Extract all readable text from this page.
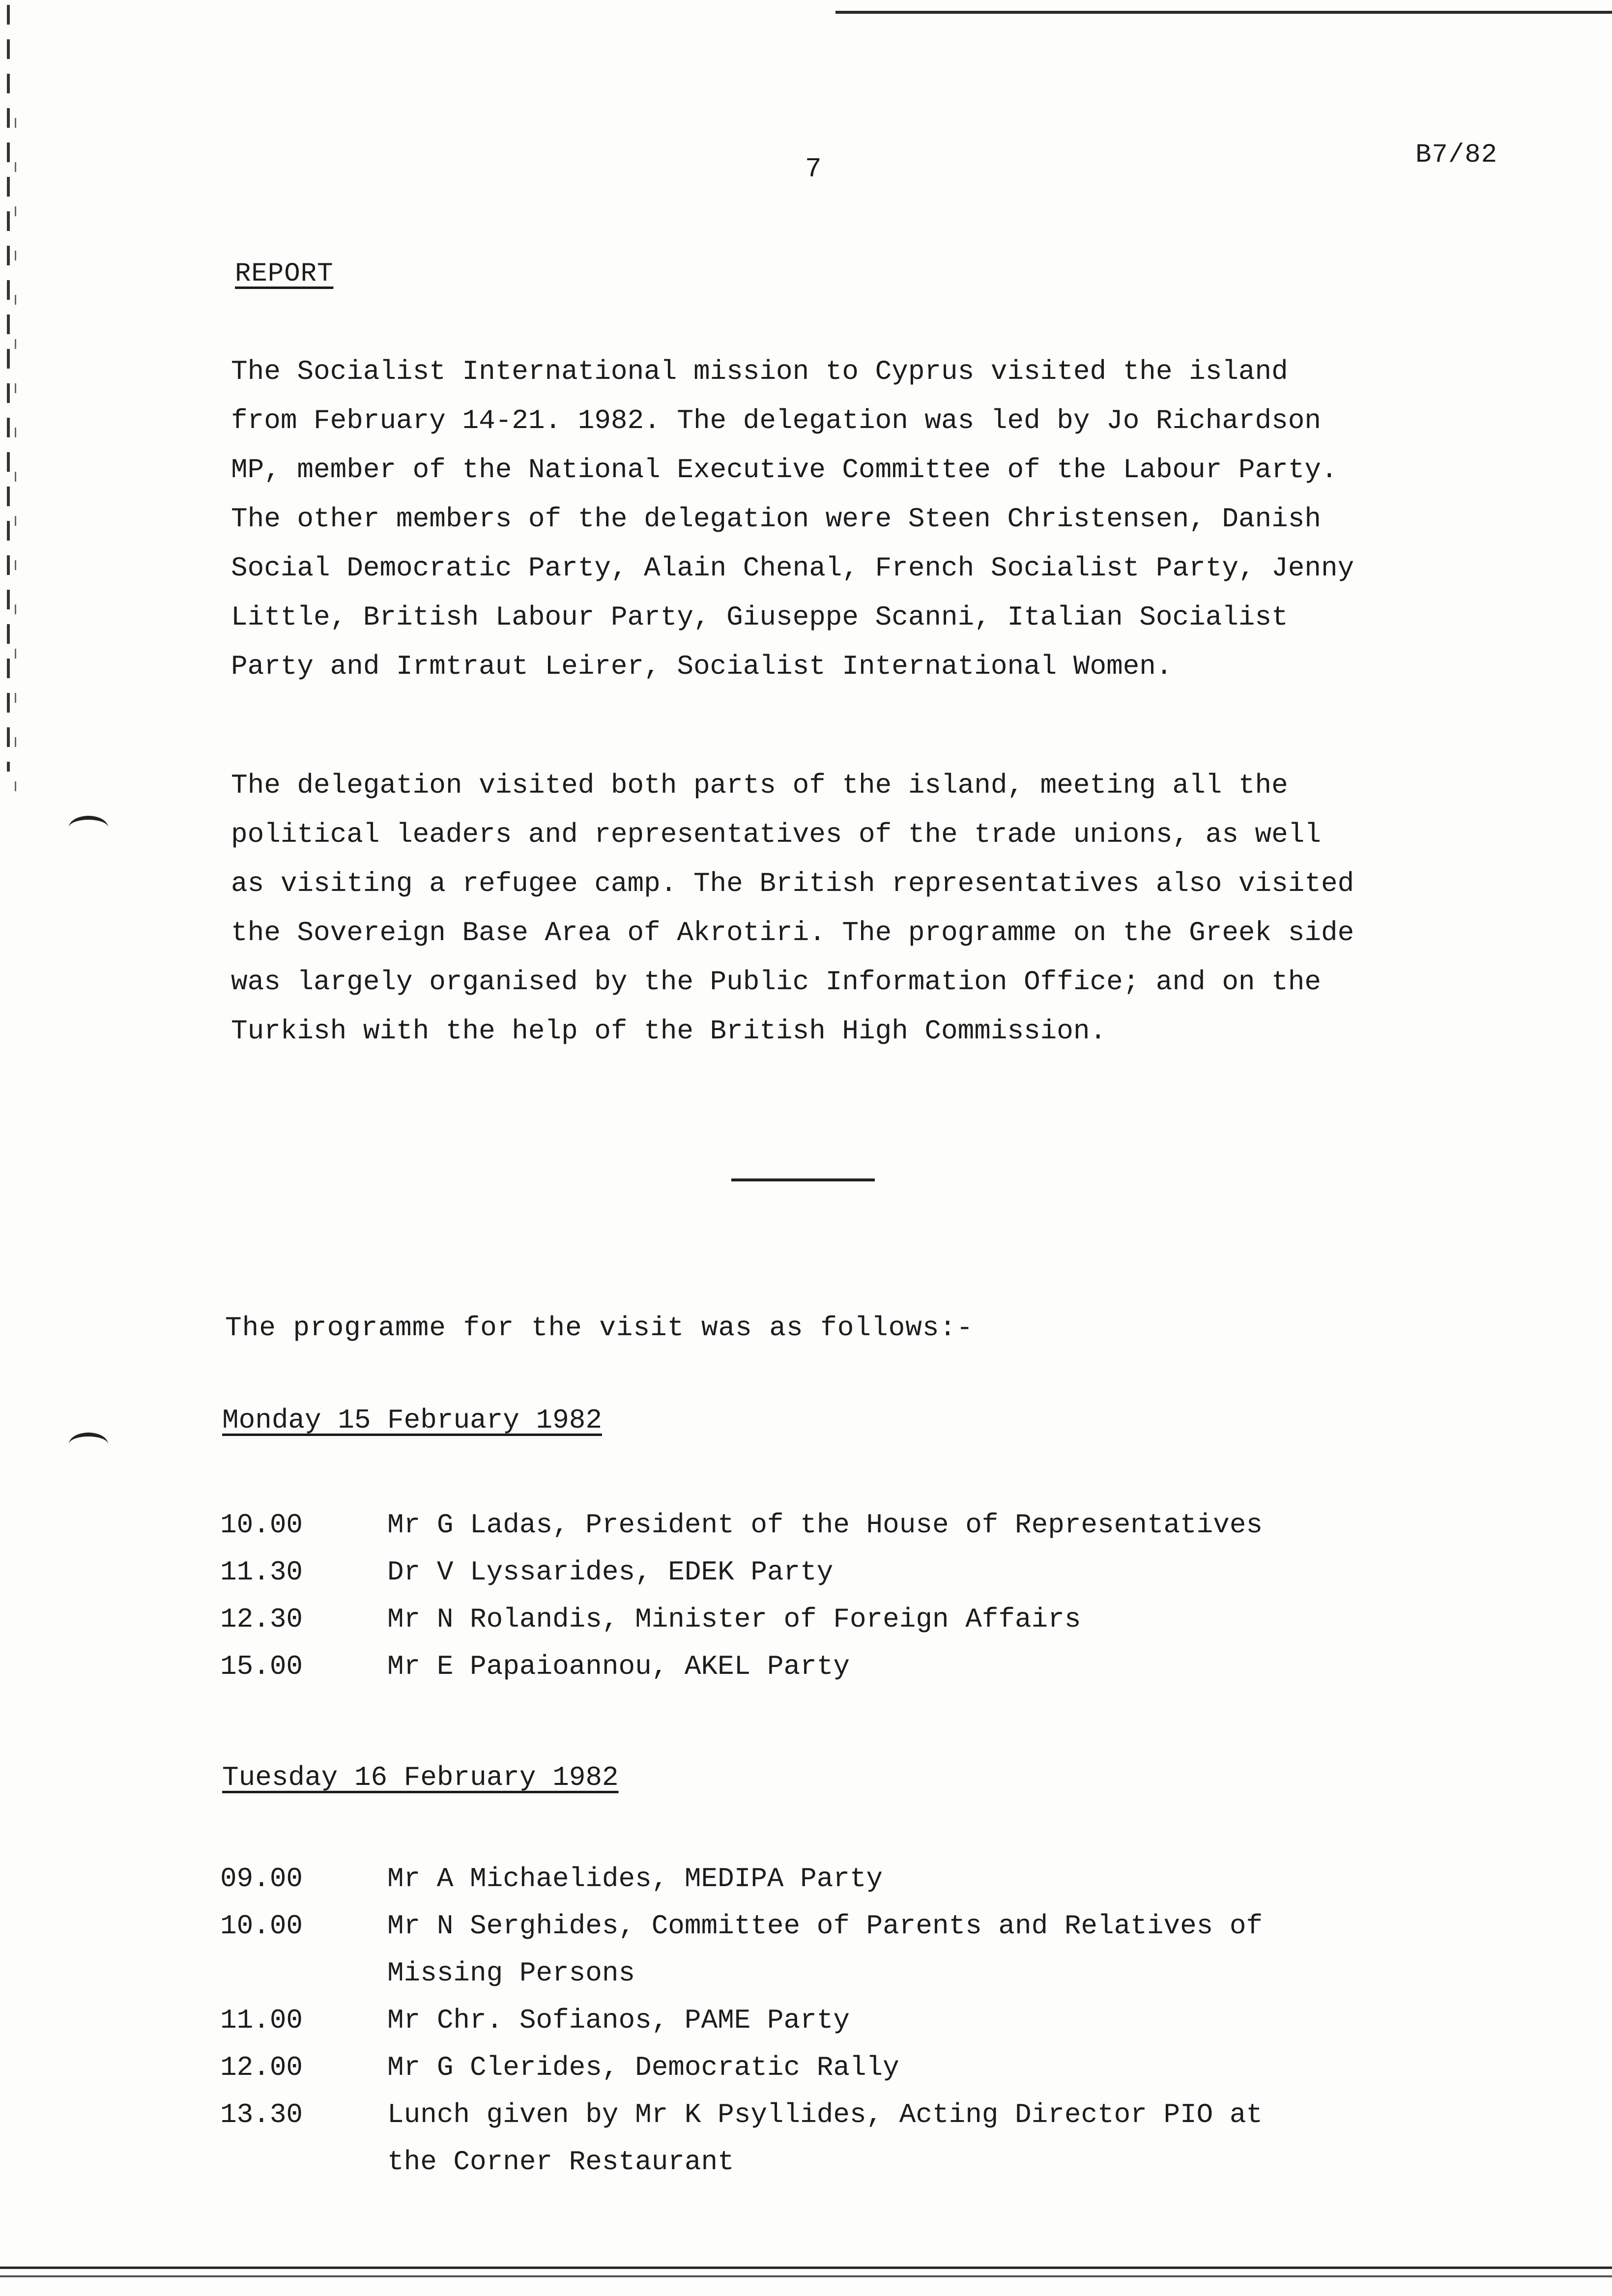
7	B7/82
REPORT
The Socialist International mission to Cyprus visited the island
from February 14-21. 1982. The delegation was led by Jo Richardson
MP, member of the National Executive Committee of the Labour Party.
The other members of the delegation were Steen Christensen, Danish
Social Democratic Party, Alain Chenal, French Socialist Party, Jenny
Little, British Labour Party, Giuseppe Scanni, Italian Socialist
Party and Irmtraut Leirer, Socialist International Women.
The delegation visited both parts of the island, meeting all the
political leaders and representatives of the trade unions, as well
as visiting a refugee camp. The British representatives also visited
the Sovereign Base Area of Akrotiri. The programme on the Greek side
was largely organised by the Public Information Office; and on the
Turkish with the help of the British High Commission.
The programme for the visit was as follows:-
Monday 15 February 1982
10.00	Mr G Ladas, President of the House of Representatives
11.30	Dr V Lyssarides, EDEK Party
12.30	Mr N Rolandis, Minister of Foreign Affairs
15.00	Mr E Papaioannou, AKEL Party
Tuesday 16 February 1982
09.00	Mr A Michaelides, MEDIPA Party
10.00	Mr N Serghides, Committee of Parents and Relatives of
Missing Persons
11.00	Mr Chr. Sofianos, PAME Party
12.00	Mr G Clerides, Democratic Rally
13.30	Lunch given by Mr K Psyllides, Acting Director PIO at
the Corner Restaurant
